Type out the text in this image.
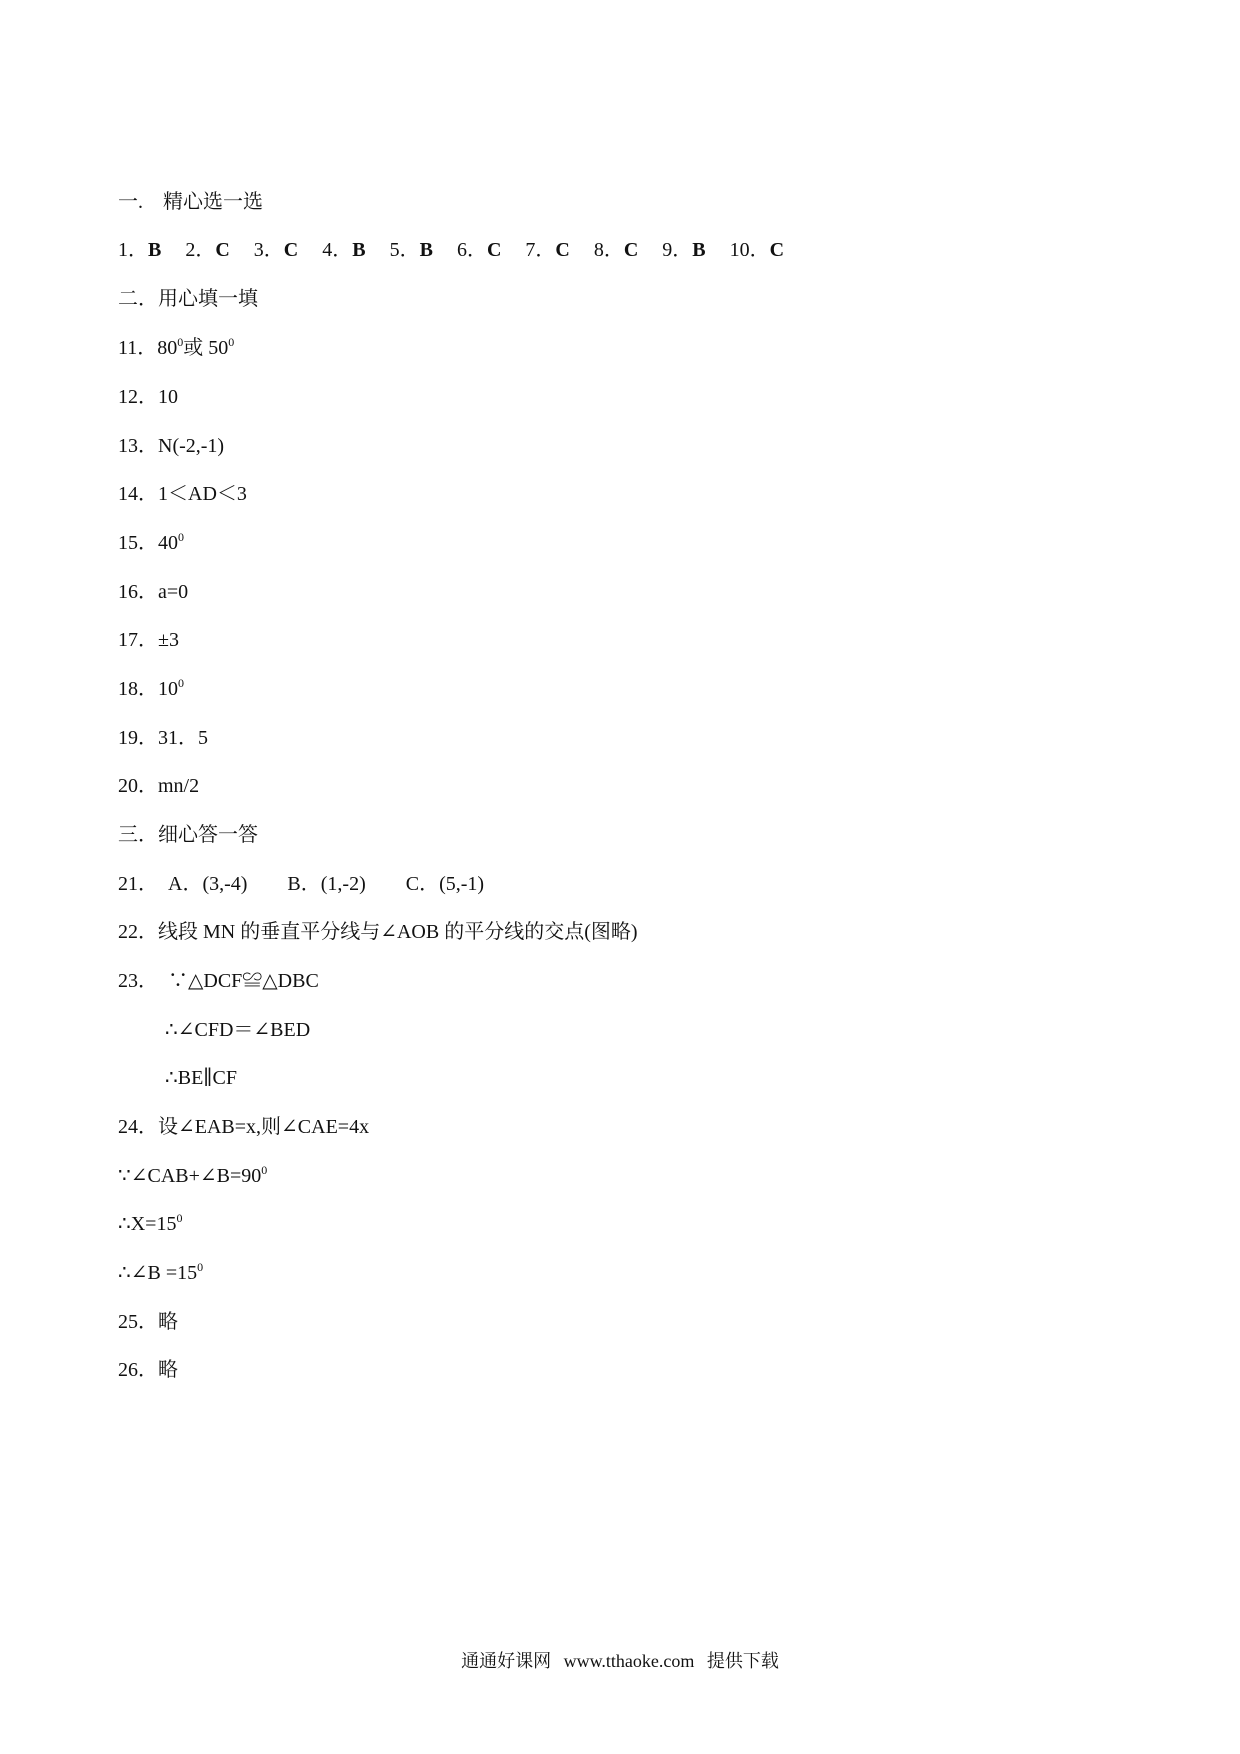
一.　精心选一选
1．B 2．C 3．C 4．B 5．B 6．C 7．C 8．C 9．B 10．C
二．用心填一填
11．$80^0$或 $50^0$
12．10
13．N(-2,-1)
14．1＜AD＜3
15．$40^0$
16．a=0
17．±3
18．$10^0$
19．31．5
20．mn/2
三．细心答一答
21．　A．(3,-4)　　B．(1,-2)　　C．(5,-1)
22．线段 MN 的垂直平分线与∠AOB 的平分线的交点(图略)
23．　∵△DCF≌△DBC
∴∠CFD＝∠BED
∴BE∥CF
24．设∠EAB=x,则∠CAE=4x
$\because\angle CAB+\angle B=90^0$
$\therefore X=15^0$
∴∠B $=15^0$
25．略
26．略
通通好课网 www.tthaoke.com 提供下载
